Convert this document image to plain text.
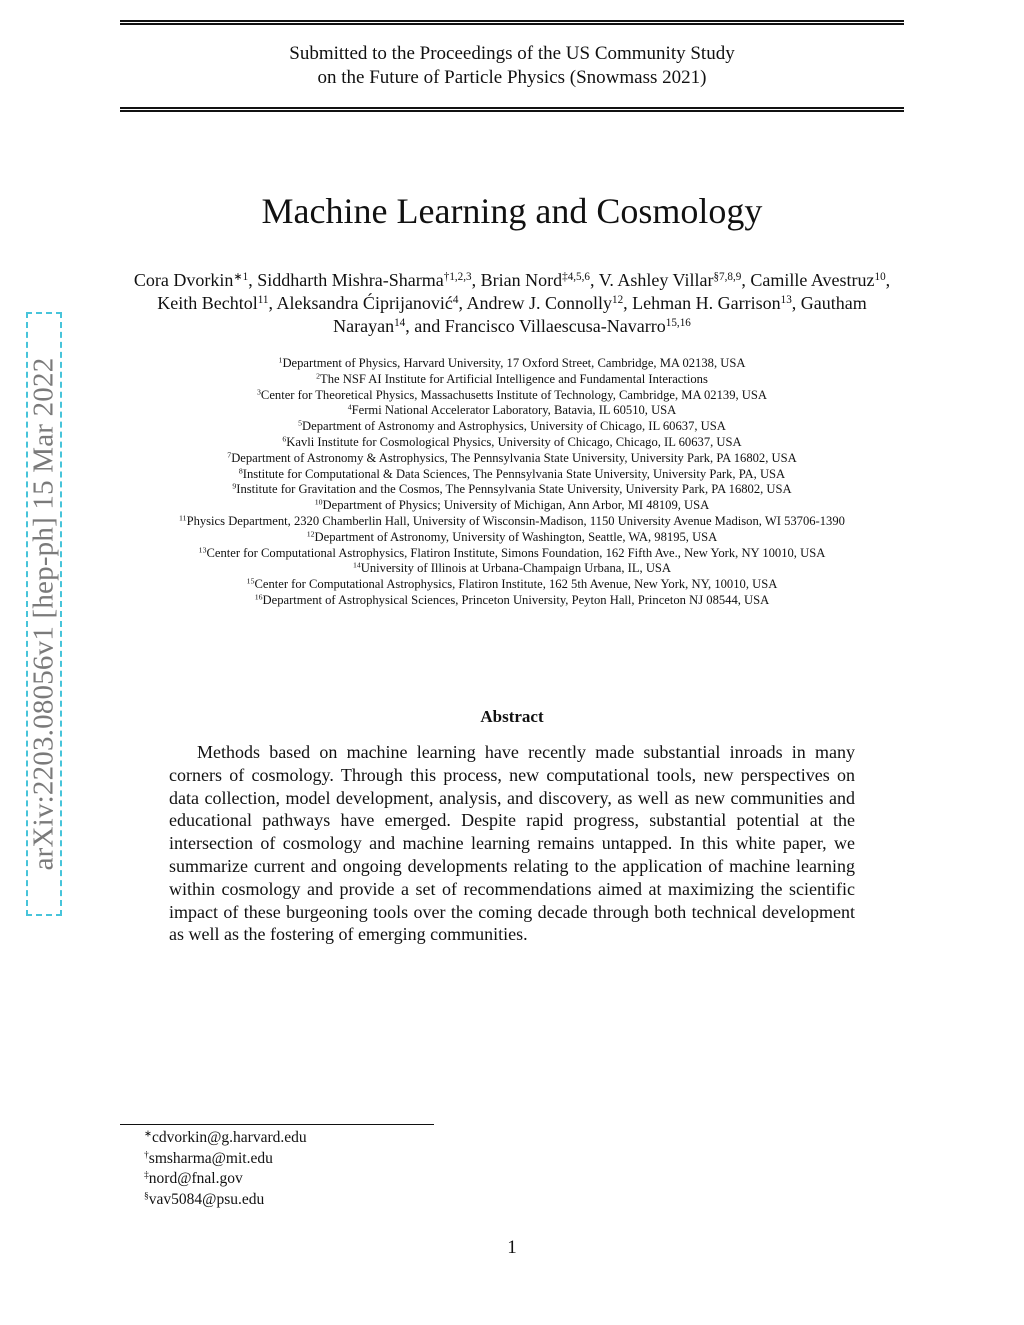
arXiv:2203.08056v1 [hep-ph] 15 Mar 2022
Submitted to the Proceedings of the US Community Study
on the Future of Particle Physics (Snowmass 2021)
Machine Learning and Cosmology
Cora Dvorkin$^{∗1}$, Siddharth Mishra-Sharma$^{\dagger 1,2,3}$, Brian Nord$^{\ddagger 4,5,6}$, V. Ashley Villar$^{\S 7,8,9}$, Camille Avestruz$^{10}$, Keith Bechtol$^{11}$, Aleksandra Ćiprijanović$^4$, Andrew J. Connolly$^{12}$, Lehman H. Garrison$^{13}$, Gautham Narayan$^{14}$, and Francisco Villaescusa-Navarro$^{15,16}$
$^1$Department of Physics, Harvard University, 17 Oxford Street, Cambridge, MA 02138, USA
$^2$The NSF AI Institute for Artificial Intelligence and Fundamental Interactions
$^3$Center for Theoretical Physics, Massachusetts Institute of Technology, Cambridge, MA 02139, USA
$^4$Fermi National Accelerator Laboratory, Batavia, IL 60510, USA
$^5$Department of Astronomy and Astrophysics, University of Chicago, IL 60637, USA
$^6$Kavli Institute for Cosmological Physics, University of Chicago, Chicago, IL 60637, USA
$^7$Department of Astronomy & Astrophysics, The Pennsylvania State University, University Park, PA 16802, USA
$^8$Institute for Computational & Data Sciences, The Pennsylvania State University, University Park, PA, USA
$^9$Institute for Gravitation and the Cosmos, The Pennsylvania State University, University Park, PA 16802, USA
$^{10}$Department of Physics; University of Michigan, Ann Arbor, MI 48109, USA
$^{11}$Physics Department, 2320 Chamberlin Hall, University of Wisconsin-Madison, 1150 University Avenue Madison, WI 53706-1390
$^{12}$Department of Astronomy, University of Washington, Seattle, WA, 98195, USA
$^{13}$Center for Computational Astrophysics, Flatiron Institute, Simons Foundation, 162 Fifth Ave., New York, NY 10010, USA
$^{14}$University of Illinois at Urbana-Champaign Urbana, IL, USA
$^{15}$Center for Computational Astrophysics, Flatiron Institute, 162 5th Avenue, New York, NY, 10010, USA
$^{16}$Department of Astrophysical Sciences, Princeton University, Peyton Hall, Princeton NJ 08544, USA
Abstract
Methods based on machine learning have recently made substantial inroads in many corners of cosmology. Through this process, new computational tools, new perspectives on data collection, model development, analysis, and discovery, as well as new communities and educational pathways have emerged. Despite rapid progress, substantial potential at the intersection of cosmology and machine learning remains untapped. In this white paper, we summarize current and ongoing developments relating to the application of machine learning within cosmology and provide a set of recommendations aimed at maximizing the scientific impact of these burgeoning tools over the coming decade through both technical development as well as the fostering of emerging communities.
∗cdvorkin@g.harvard.edu
†smsharma@mit.edu
‡nord@fnal.gov
§vav5084@psu.edu
1
